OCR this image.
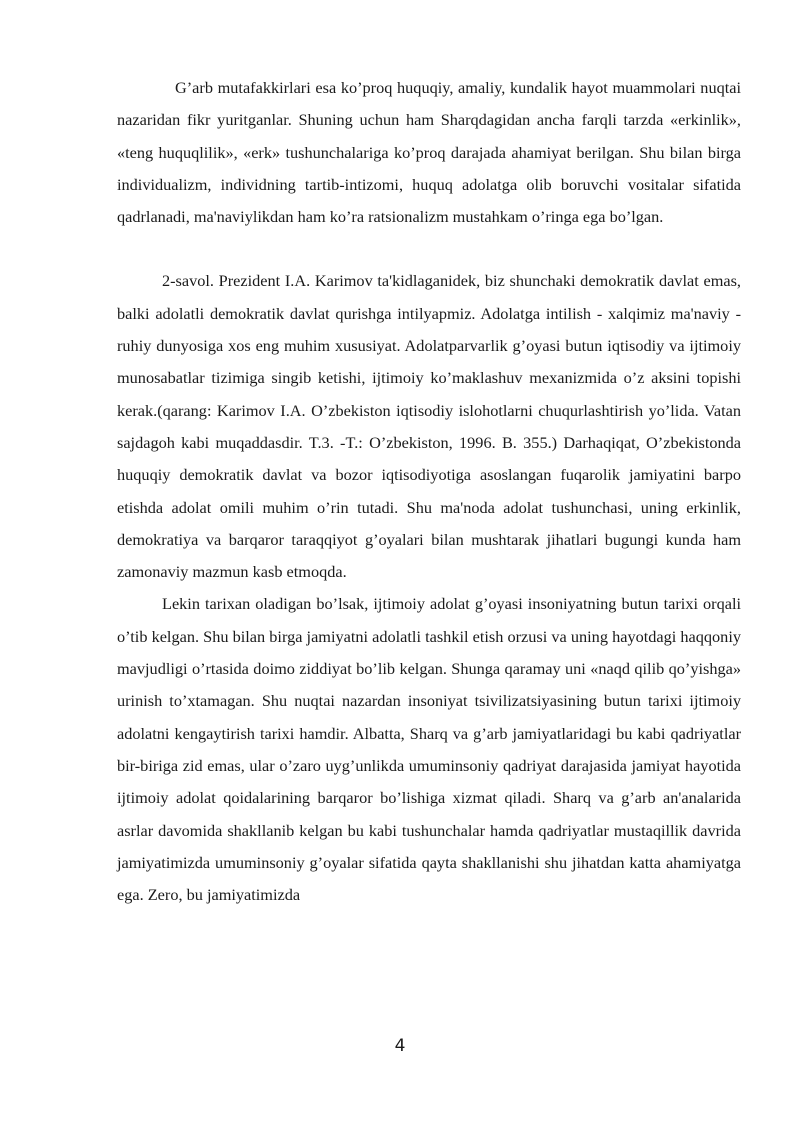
G’arb mutafakkirlari esa ko’proq huquqiy, amaliy, kundalik hayot muammolari nuqtai nazaridan fikr yuritganlar. Shuning uchun ham Sharqdagidan ancha farqli tarzda «erkinlik», «teng huquqlilik», «erk» tushunchalariga ko’proq darajada ahamiyat berilgan. Shu bilan birga individualizm, individning tartib-intizomi, huquq adolatga olib boruvchi vositalar sifatida qadrlanadi, ma'naviylikdan ham ko’ra ratsionalizm mustahkam o’ringa ega bo’lgan.

2-savol. Prezident I.A. Karimov ta'kidlaganidek, biz shunchaki demokratik davlat emas, balki adolatli demokratik davlat qurishga intilyapmiz. Adolatga intilish - xalqimiz ma'naviy - ruhiy dunyosiga xos eng muhim xususiyat. Adolatparvarlik g’oyasi butun iqtisodiy va ijtimoiy munosabatlar tizimiga singib ketishi, ijtimoiy ko’maklashuv mexanizmida o’z aksini topishi kerak.(qarang: Karimov I.A. O’zbekiston iqtisodiy islohotlarni chuqurlashtirish yo’lida. Vatan sajdagoh kabi muqaddasdir. T.3. -T.: O’zbekiston, 1996. B. 355.) Darhaqiqat, O’zbekistonda huquqiy demokratik davlat va bozor iqtisodiyotiga asoslangan fuqarolik jamiyatini barpo etishda adolat omili muhim o’rin tutadi. Shu ma'noda adolat tushunchasi, uning erkinlik, demokratiya va barqaror taraqqiyot g’oyalari bilan mushtarak jihatlari bugungi kunda ham zamonaviy mazmun kasb etmoqda.

Lekin tarixan oladigan bo’lsak, ijtimoiy adolat g’oyasi insoniyatning butun tarixi orqali o’tib kelgan. Shu bilan birga jamiyatni adolatli tashkil etish orzusi va uning hayotdagi haqqoniy mavjudligi o’rtasida doimo ziddiyat bo’lib kelgan. Shunga qaramay uni «naqd qilib qo’yishga» urinish to’xtamagan. Shu nuqtai nazardan insoniyat tsivilizatsiyasining butun tarixi ijtimoiy adolatni kengaytirish tarixi hamdir. Albatta, Sharq va g’arb jamiyatlaridagi bu kabi qadriyatlar bir-biriga zid emas, ular o’zaro uyg’unlikda umuminsoniy qadriyat darajasida jamiyat hayotida ijtimoiy adolat qoidalarining barqaror bo’lishiga xizmat qiladi. Sharq va g’arb an'analarida asrlar davomida shakllanib kelgan bu kabi tushunchalar hamda qadriyatlar mustaqillik davrida jamiyatimizda umuminsoniy g’oyalar sifatida qayta shakllanishi shu jihatdan katta ahamiyatga ega. Zero, bu jamiyatimizda

4
